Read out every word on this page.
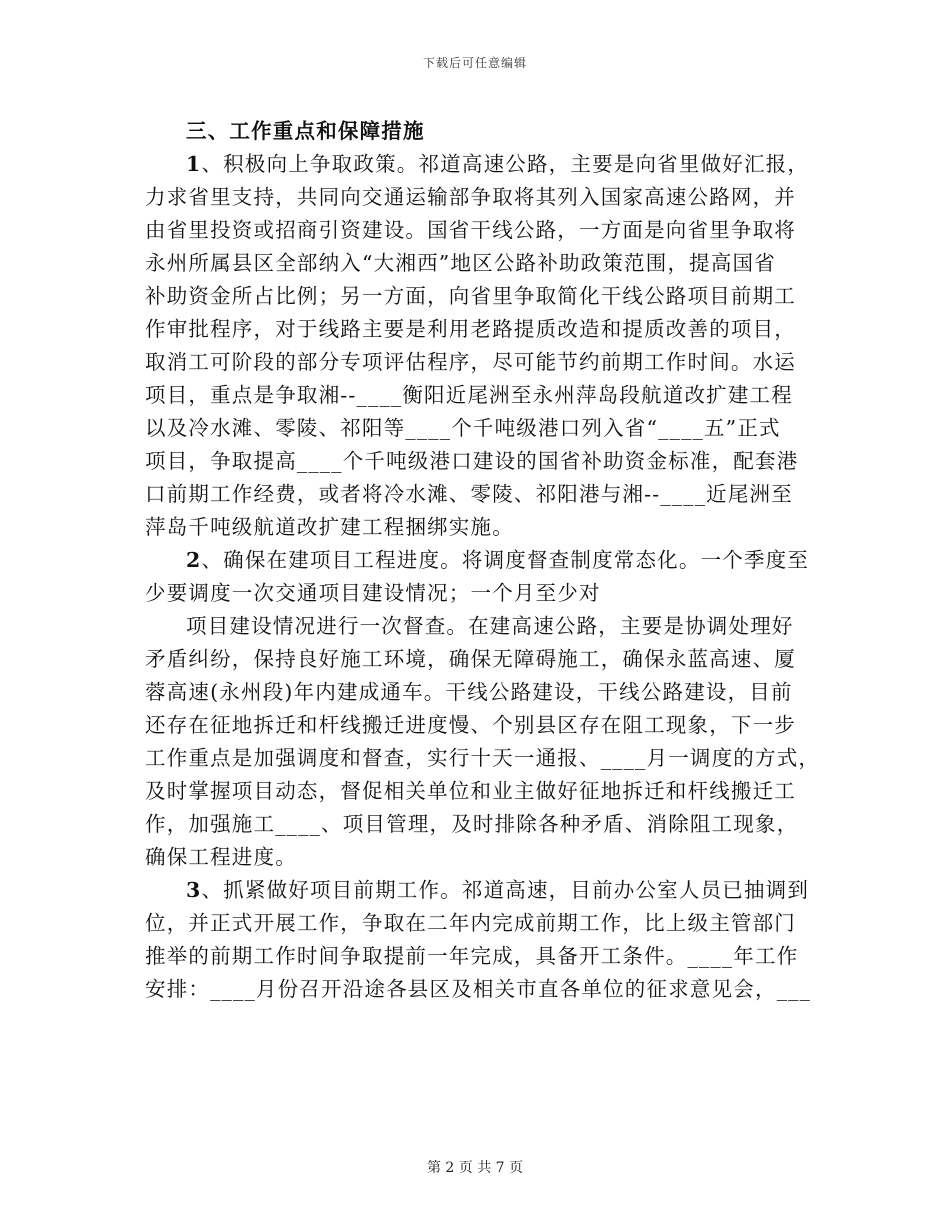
下载后可任意编辑
三、工作重点和保障措施
1、积极向上争取政策。祁道高速公路，主要是向省里做好汇报，
力求省里支持，共同向交通运输部争取将其列入国家高速公路网，并
由省里投资或招商引资建设。国省干线公路，一方面是向省里争取将
永州所属县区全部纳入“大湘西”地区公路补助政策范围，提高国省
补助资金所占比例；另一方面，向省里争取简化干线公路项目前期工
作审批程序，对于线路主要是利用老路提质改造和提质改善的项目，
取消工可阶段的部分专项评估程序，尽可能节约前期工作时间。水运
项目，重点是争取湘--____衡阳近尾洲至永州萍岛段航道改扩建工程
以及冷水滩、零陵、祁阳等____个千吨级港口列入省“____五”正式
项目，争取提高____个千吨级港口建设的国省补助资金标准，配套港
口前期工作经费，或者将冷水滩、零陵、祁阳港与湘--____近尾洲至
萍岛千吨级航道改扩建工程捆绑实施。
2、确保在建项目工程进度。将调度督查制度常态化。一个季度至
少要调度一次交通项目建设情况；一个月至少对
项目建设情况进行一次督查。在建高速公路，主要是协调处理好
矛盾纠纷，保持良好施工环境，确保无障碍施工，确保永蓝高速、厦
蓉高速(永州段)年内建成通车。干线公路建设，干线公路建设，目前
还存在征地拆迁和杆线搬迁进度慢、个别县区存在阻工现象，下一步
工作重点是加强调度和督查，实行十天一通报、____月一调度的方式，
及时掌握项目动态，督促相关单位和业主做好征地拆迁和杆线搬迁工
作，加强施工____、项目管理，及时排除各种矛盾、消除阻工现象，
确保工程进度。
3、抓紧做好项目前期工作。祁道高速，目前办公室人员已抽调到
位，并正式开展工作，争取在二年内完成前期工作，比上级主管部门
推举的前期工作时间争取提前一年完成，具备开工条件。____年工作
安排：____月份召开沿途各县区及相关市直各单位的征求意见会，___
第 2 页 共 7 页
